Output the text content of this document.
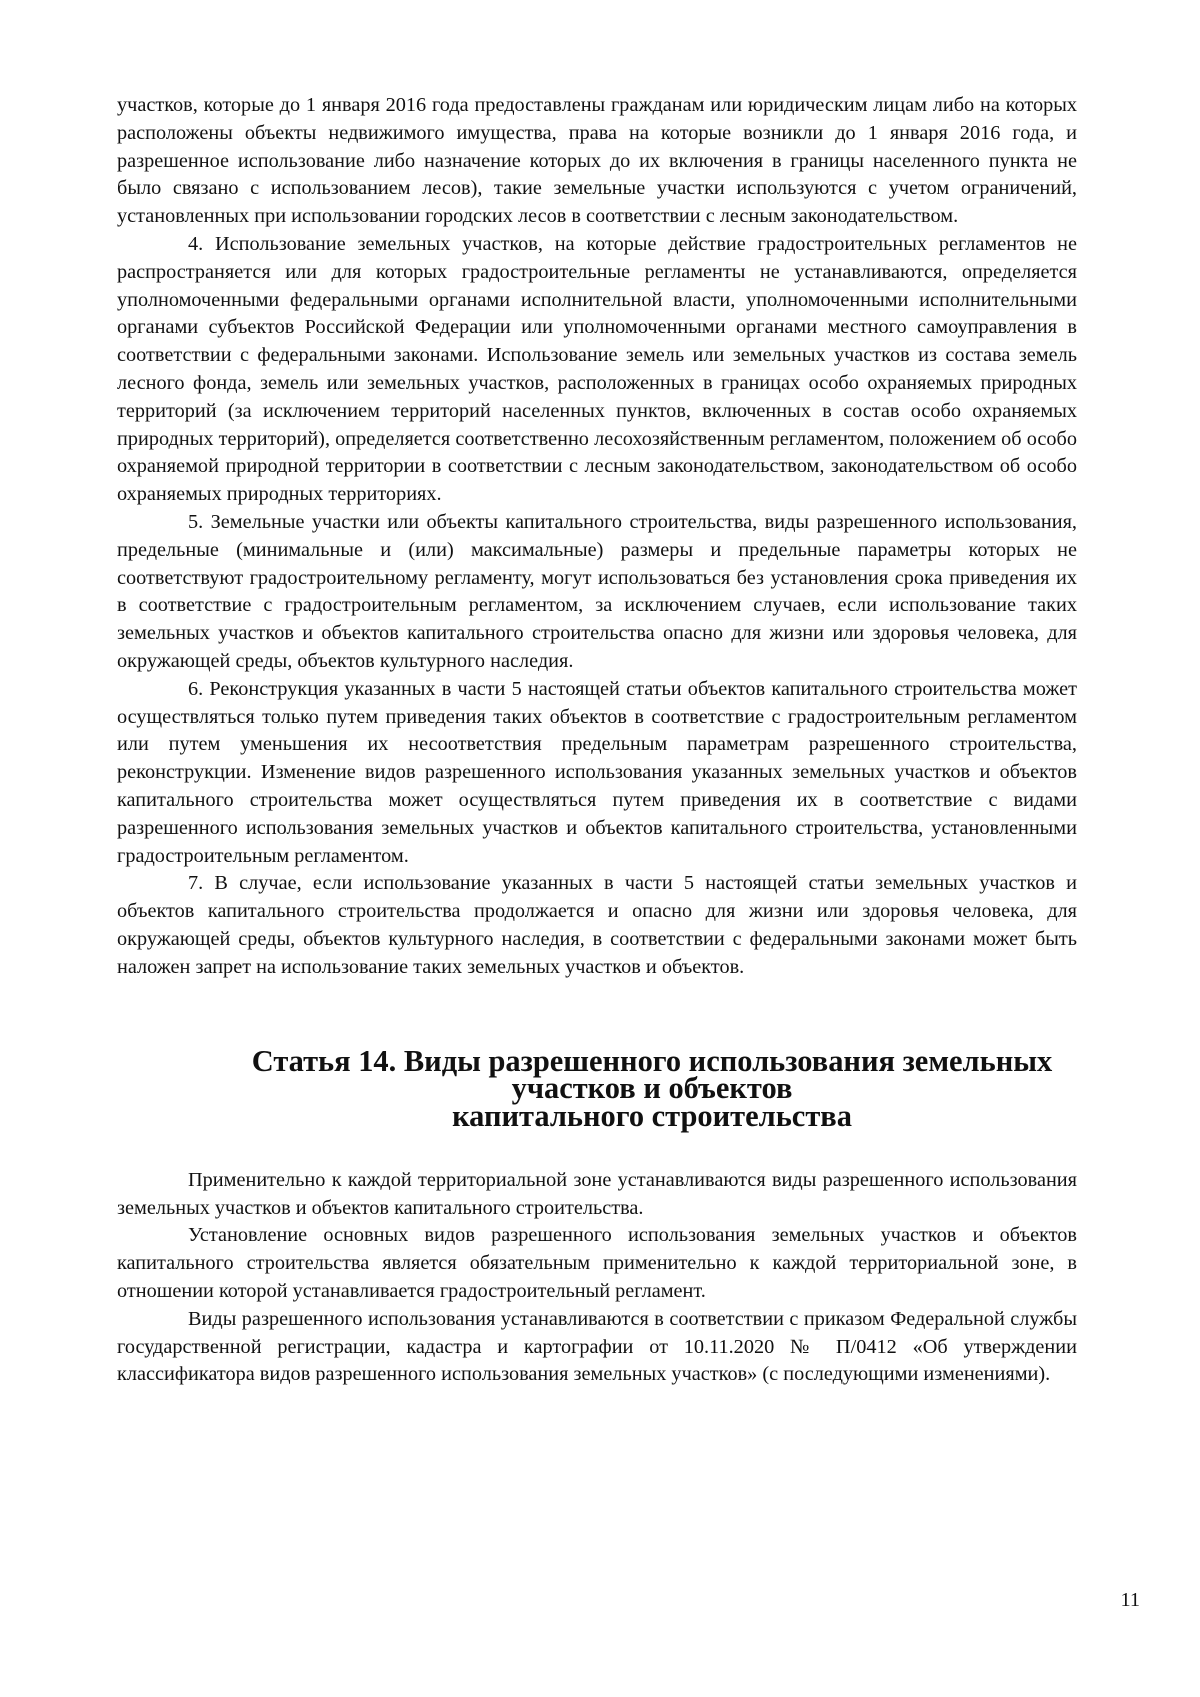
участков, которые до 1 января 2016 года предоставлены гражданам или юридическим лицам либо на которых расположены объекты недвижимого имущества, права на которые возникли до 1 января 2016 года, и разрешенное использование либо назначение которых до их включения в границы населенного пункта не было связано с использованием лесов), такие земельные участки используются с учетом ограничений, установленных при использовании городских лесов в соответствии с лесным законодательством.

4. Использование земельных участков, на которые действие градостроительных регламентов не распространяется или для которых градостроительные регламенты не устанавливаются, определяется уполномоченными федеральными органами исполнительной власти, уполномоченными исполнительными органами субъектов Российской Федерации или уполномоченными органами местного самоуправления в соответствии с федеральными законами. Использование земель или земельных участков из состава земель лесного фонда, земель или земельных участков, расположенных в границах особо охраняемых природных территорий (за исключением территорий населенных пунктов, включенных в состав особо охраняемых природных территорий), определяется соответственно лесохозяйственным регламентом, положением об особо охраняемой природной территории в соответствии с лесным законодательством, законодательством об особо охраняемых природных территориях.

5. Земельные участки или объекты капитального строительства, виды разрешенного использования, предельные (минимальные и (или) максимальные) размеры и предельные параметры которых не соответствуют градостроительному регламенту, могут использоваться без установления срока приведения их в соответствие с градостроительным регламентом, за исключением случаев, если использование таких земельных участков и объектов капитального строительства опасно для жизни или здоровья человека, для окружающей среды, объектов культурного наследия.

6. Реконструкция указанных в части 5 настоящей статьи объектов капитального строительства может осуществляться только путем приведения таких объектов в соответствие с градостроительным регламентом или путем уменьшения их несоответствия предельным параметрам разрешенного строительства, реконструкции. Изменение видов разрешенного использования указанных земельных участков и объектов капитального строительства может осуществляться путем приведения их в соответствие с видами разрешенного использования земельных участков и объектов капитального строительства, установленными градостроительным регламентом.

7. В случае, если использование указанных в части 5 настоящей статьи земельных участков и объектов капитального строительства продолжается и опасно для жизни или здоровья человека, для окружающей среды, объектов культурного наследия, в соответствии с федеральными законами может быть наложен запрет на использование таких земельных участков и объектов.

Статья 14. Виды разрешенного использования земельных участков и объектов
капитального строительства

Применительно к каждой территориальной зоне устанавливаются виды разрешенного использования земельных участков и объектов капитального строительства.

Установление основных видов разрешенного использования земельных участков и объектов капитального строительства является обязательным применительно к каждой территориальной зоне, в отношении которой устанавливается градостроительный регламент.

Виды разрешенного использования устанавливаются в соответствии с приказом Федеральной службы государственной регистрации, кадастра и картографии от 10.11.2020 № П/0412 «Об утверждении классификатора видов разрешенного использования земельных участков» (с последующими изменениями).

11
